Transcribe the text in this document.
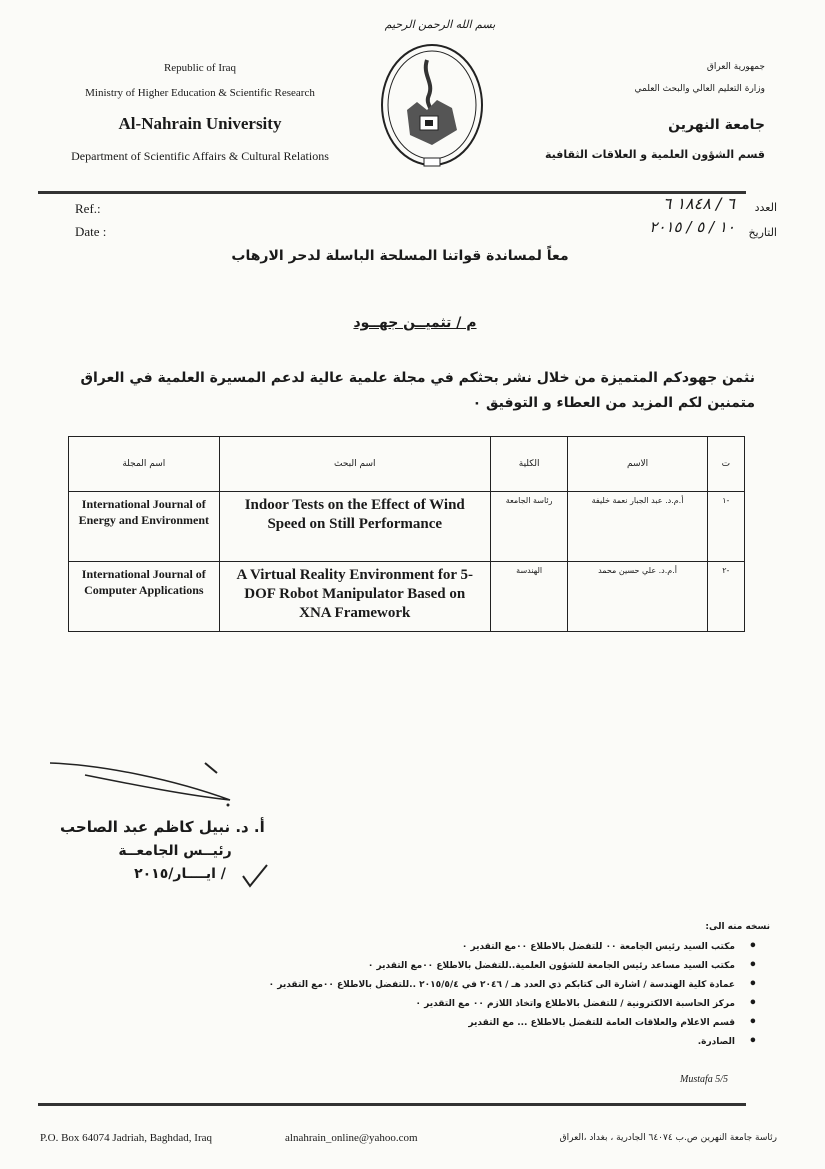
Republic of Iraq
Ministry of Higher Education & Scientific Research
Al-Nahrain University
Department of Scientific Affairs & Cultural Relations
بسم الله الرحمن الرحيم
جمهورية العراق
وزارة التعليم العالي والبحث العلمي
جامعة النهرين
قسم الشؤون العلمية و العلاقات الثقافية
Ref.:
Date :
العدد
٦ / ١٨٤٨ ٦
التاريخ
١٠ / ٥ / ٢٠١٥
معاً لمساندة قواتنا المسلحة الباسلة لدحر الارهاب
م / تثميــن جهــود
نثمن جهودكم المتميزة من خلال نشر بحثكم في مجلة علمية عالية لدعم المسيرة العلمية في العراق
متمنين لكم المزيد من العطاء و التوفيق ٠
اسم المجلة	اسم البحث	الكلية	الاسم	ت
International Journal of Energy and Environment	Indoor Tests on the Effect of Wind Speed on Still Performance	رئاسة الجامعة	أ.م.د. عبد الجبار نعمة خليفة	١-
International Journal of Computer Applications	A Virtual Reality Environment for 5-DOF Robot Manipulator Based on XNA Framework	الهندسة	أ.م.د. علي حسين محمد	٢-
أ. د. نبيل كاظم عبد الصاحب
رئيــس الجامعــة
/ ايــــار/٢٠١٥
نسخه منه الى:
• مكتب السيد رئيس الجامعة ٠٠ للتفضل بالاطلاع ٠٠مع التقدير ٠
• مكتب السيد مساعد رئيس الجامعة للشؤون العلمية..للتفضل بالاطلاع ٠٠مع التقدير ٠
• عمادة كلية الهندسة / اشارة الى كتابكم ذي العدد هـ / ٢٠٤٦ في ٢٠١٥/٥/٤ ..للتفضل بالاطلاع ٠٠مع التقدير ٠
• مركز الحاسبة الالكترونية / للتفضل بالاطلاع واتخاذ اللازم ٠٠ مع التقدير ٠
• قسم الاعلام والعلاقات العامة للتفضل بالاطلاع ... مع التقدير
• الصادرة.
Mustafa 5/5
P.O. Box 64074 Jadriah, Baghdad, Iraq	alnahrain_online@yahoo.com	رئاسة جامعة النهرين ص.ب ٦٤٠٧٤ الجادرية ، بغداد ،العراق
